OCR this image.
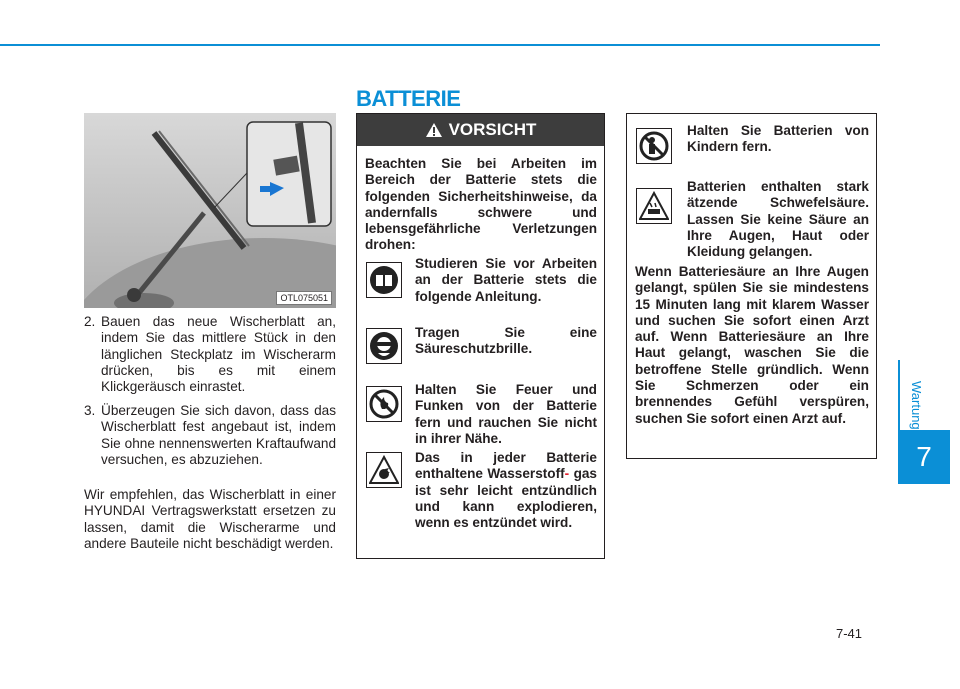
BATTERIE
Wartung
7
OTL075051
2. Bauen das neue Wischerblatt an, indem Sie das mittlere Stück in den länglichen Steckplatz im Wischerarm drücken, bis es mit einem Klickgeräusch einrastet.
3. Überzeugen Sie sich davon, dass das Wischerblatt fest angebaut ist, indem Sie ohne nennenswerten Kraftaufwand versuchen, es abzuziehen.
Wir empfehlen, das Wischerblatt in einer HYUNDAI Vertragswerkstatt ersetzen zu lassen, damit die Wischerarme und andere Bauteile nicht beschädigt werden.
VORSICHT
Beachten Sie bei Arbeiten im Bereich der Batterie stets die folgenden Sicherheitshinweise, da andernfalls schwere und lebensgefährliche Verletzungen drohen:
Studieren Sie vor Arbeiten an der Batterie stets die folgende Anleitung.
Tragen Sie eine Säureschutzbrille.
Halten Sie Feuer und Funken von der Batterie fern und rauchen Sie nicht in ihrer Nähe.
Das in jeder Batterie enthaltene Wasserstoff- gas ist sehr leicht entzündlich und kann explodieren, wenn es entzündet wird.
Halten Sie Batterien von Kindern fern.
Batterien enthalten stark ätzende Schwefelsäure. Lassen Sie keine Säure an Ihre Augen, Haut oder Kleidung gelangen.
Wenn Batteriesäure an Ihre Augen gelangt, spülen Sie sie mindestens 15 Minuten lang mit klarem Wasser und suchen Sie sofort einen Arzt auf. Wenn Batteriesäure an Ihre Haut gelangt, waschen Sie die betroffene Stelle gründlich. Wenn Sie Schmerzen oder ein brennendes Gefühl verspüren, suchen Sie sofort einen Arzt auf.
7-41
